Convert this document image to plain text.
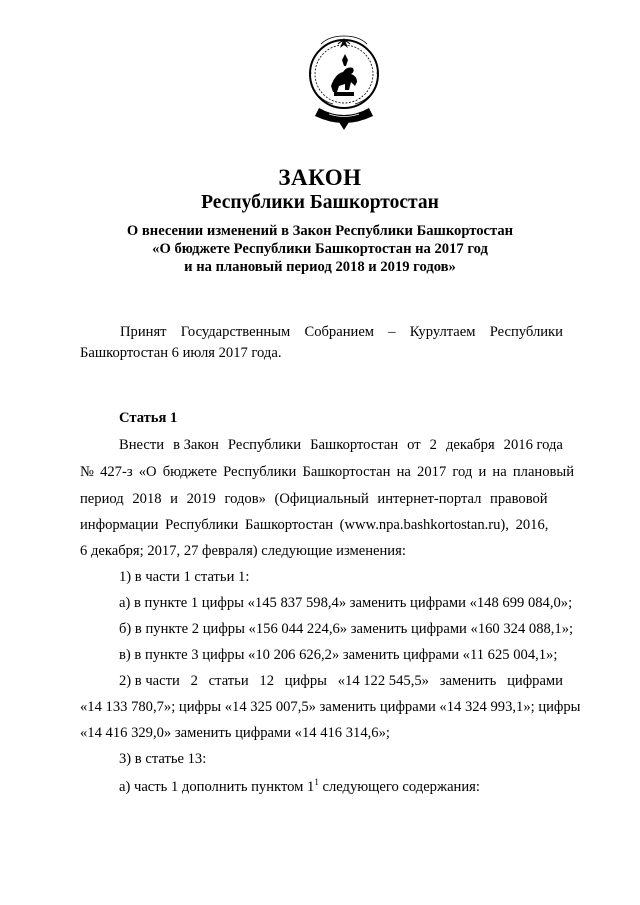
ЗАКОН
Республики Башкортостан

О внесении изменений в Закон Республики Башкортостан

«О бюджете Республики Башкортостан на 2017 год

и на плановый период 2018 и 2019 годов»

Принят Государственным Собранием – Курултаем Республики

Башкортостан 6 июля 2017 года.

Статья 1

Внести в Закон Республики Башкортостан от 2 декабря 2016 года

№ 427-з «О бюджете Республики Башкортостан на 2017 год и на плановый

период 2018 и 2019 годов» (Официальный интернет-портал правовой

информации Республики Башкортостан (www.npa.bashkortostan.ru), 2016,

6 декабря; 2017, 27 февраля) следующие изменения:

1) в части 1 статьи 1:

а) в пункте 1 цифры «145 837 598,4» заменить цифрами «148 699 084,0»;

б) в пункте 2 цифры «156 044 224,6» заменить цифрами «160 324 088,1»;

в) в пункте 3 цифры «10 206 626,2» заменить цифрами «11 625 004,1»;

2) в части 2 статьи 12 цифры «14 122 545,5» заменить цифрами

«14 133 780,7»; цифры «14 325 007,5» заменить цифрами «14 324 993,1»; цифры

«14 416 329,0» заменить цифрами «14 416 314,6»;

3) в статье 13:

а) часть 1 дополнить пунктом $1^1$ следующего содержания:
